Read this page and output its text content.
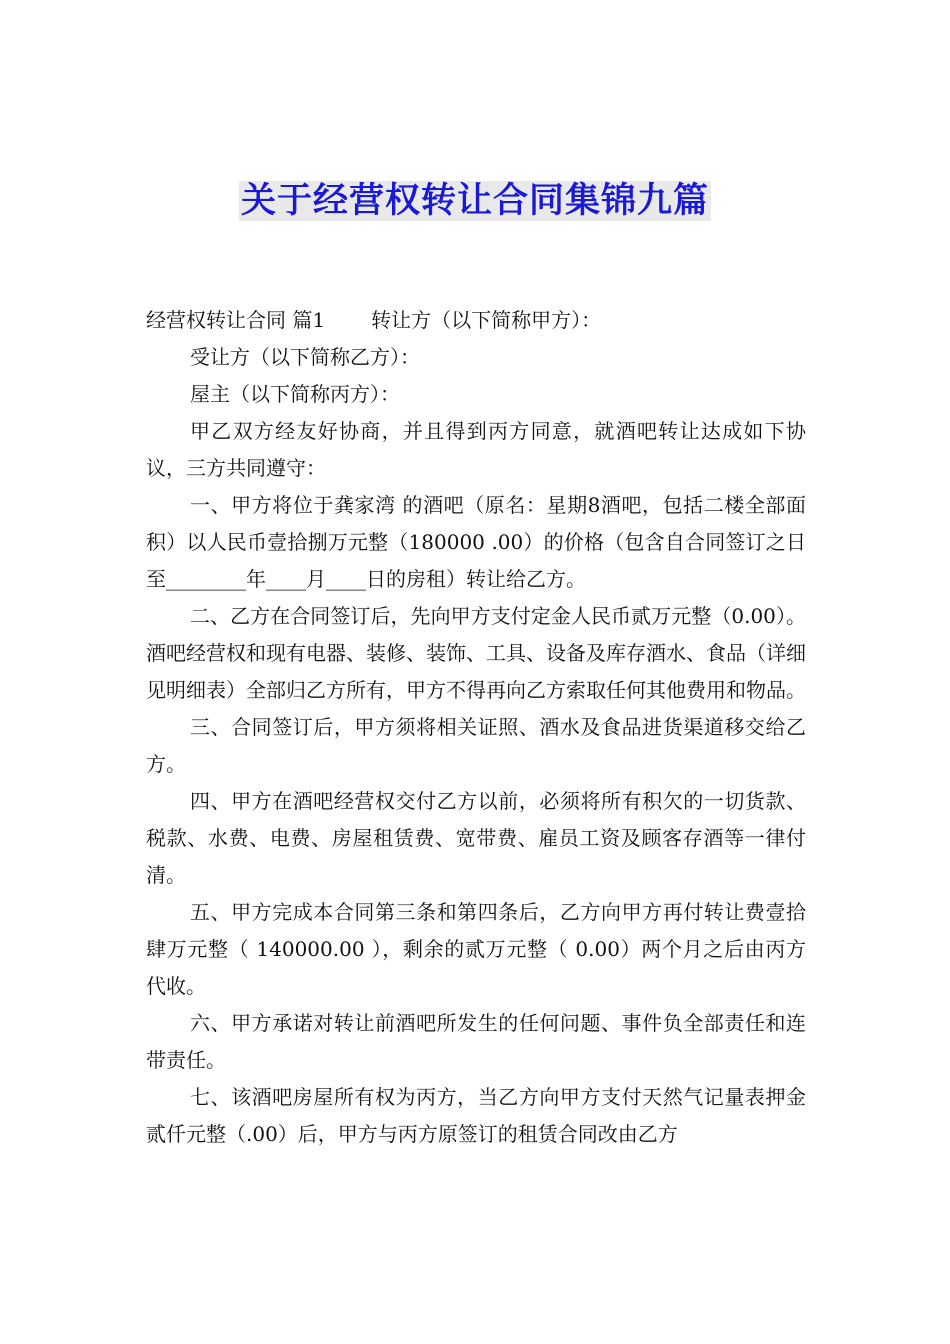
关于经营权转让合同集锦九篇

经营权转让合同 篇1 转让方（以下简称甲方）：

受让方（以下简称乙方）：

屋主（以下简称丙方）：

甲乙双方经友好协商，并且得到丙方同意，就酒吧转让达成如下协议，三方共同遵守：

一、甲方将位于龚家湾 的酒吧（原名：星期8酒吧，包括二楼全部面积）以人民币壹拾捌万元整（180000 .00）的价格（包含自合同签订之日至________年____月____日的房租）转让给乙方。

二、乙方在合同签订后，先向甲方支付定金人民币贰万元整（0.00）。酒吧经营权和现有电器、装修、装饰、工具、设备及库存酒水、食品（详细见明细表）全部归乙方所有，甲方不得再向乙方索取任何其他费用和物品。

三、合同签订后，甲方须将相关证照、酒水及食品进货渠道移交给乙方。

四、甲方在酒吧经营权交付乙方以前，必须将所有积欠的一切货款、税款、水费、电费、房屋租赁费、宽带费、雇员工资及顾客存酒等一律付清。

五、甲方完成本合同第三条和第四条后，乙方向甲方再付转让费壹拾肆万元整（ 140000.00 ），剩余的贰万元整（ 0.00）两个月之后由丙方代收。

六、甲方承诺对转让前酒吧所发生的任何问题、事件负全部责任和连带责任。

七、该酒吧房屋所有权为丙方，当乙方向甲方支付天然气记量表押金贰仟元整（.00）后，甲方与丙方原签订的租赁合同改由乙方
